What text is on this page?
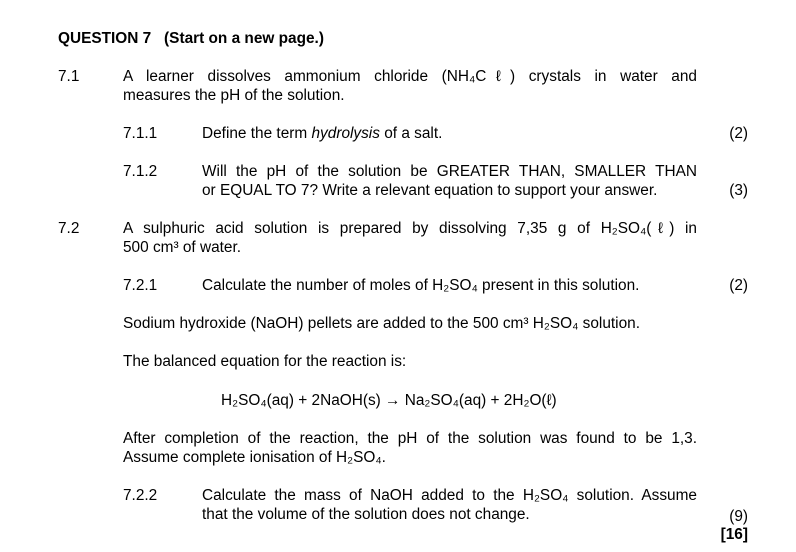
QUESTION 7 (Start on a new page.)
7.1	A learner dissolves ammonium chloride (NH₄Cℓ) crystals in water and
measures the pH of the solution.
7.1.1	Define the term hydrolysis of a salt.	(2)
7.1.2	Will the pH of the solution be GREATER THAN, SMALLER THAN
or EQUAL TO 7? Write a relevant equation to support your answer.	(3)
7.2	A sulphuric acid solution is prepared by dissolving 7,35 g of H₂SO₄(ℓ) in
500 cm³ of water.
7.2.1	Calculate the number of moles of H₂SO₄ present in this solution.	(2)
Sodium hydroxide (NaOH) pellets are added to the 500 cm³ H₂SO₄ solution.
The balanced equation for the reaction is:
H₂SO₄(aq) + 2NaOH(s) → Na₂SO₄(aq) + 2H₂O(ℓ)
After completion of the reaction, the pH of the solution was found to be 1,3.
Assume complete ionisation of H₂SO₄.
7.2.2	Calculate the mass of NaOH added to the H₂SO₄ solution. Assume
that the volume of the solution does not change.	(9)
[16]
